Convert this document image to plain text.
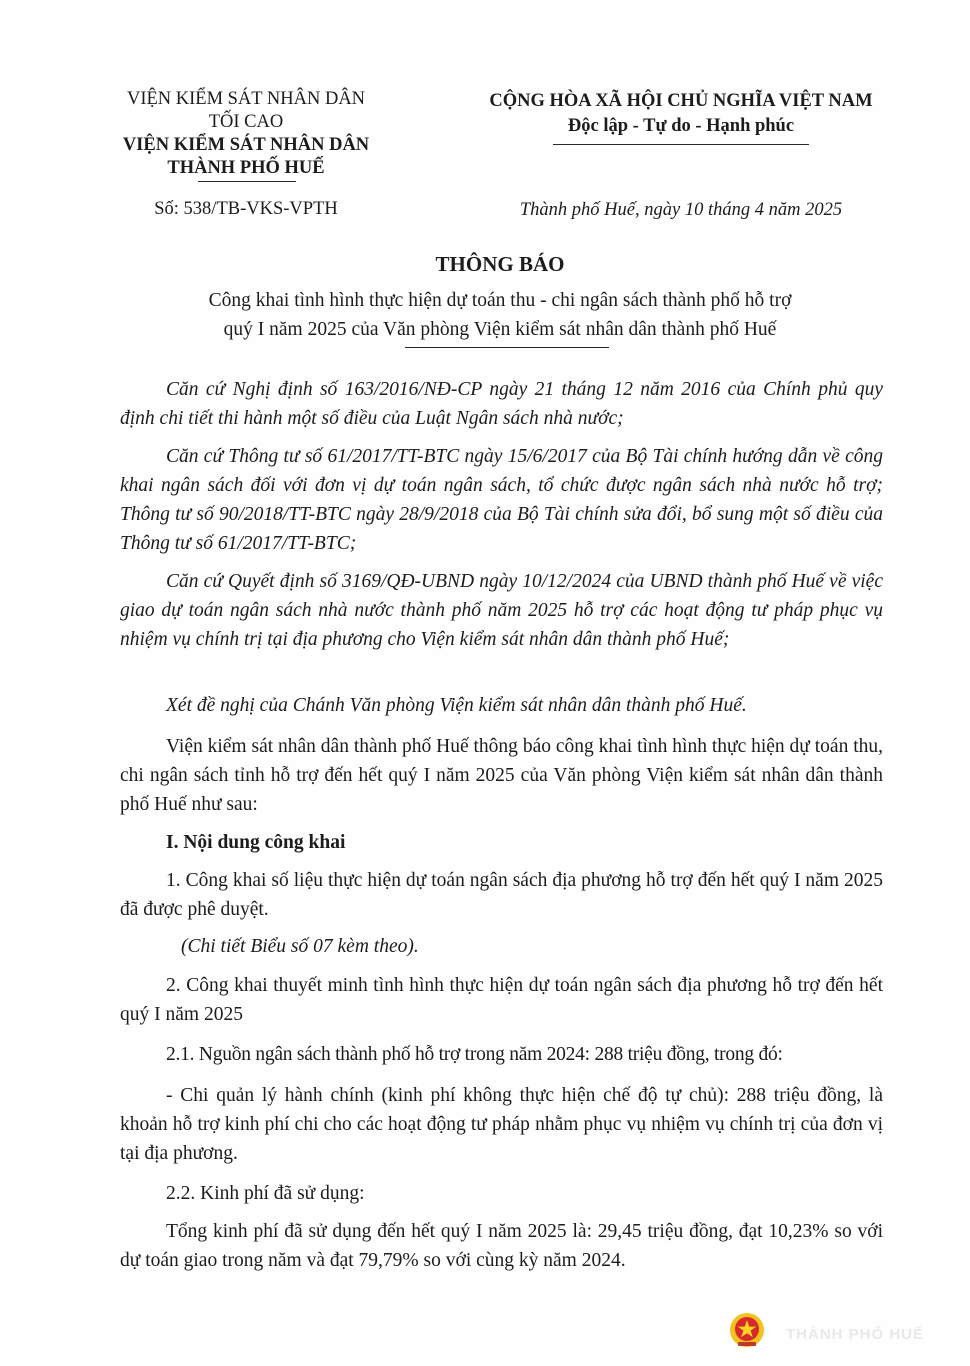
VIỆN KIỂM SÁT NHÂN DÂN
TỐI CAO
VIỆN KIỂM SÁT NHÂN DÂN
THÀNH PHỐ HUẾ
Số: 538/TB-VKS-VPTH
CỘNG HÒA XÃ HỘI CHỦ NGHĨA VIỆT NAM
Độc lập - Tự do - Hạnh phúc
Thành phố Huế, ngày 10 tháng 4 năm 2025
THÔNG BÁO
Công khai tình hình thực hiện dự toán thu - chi ngân sách thành phố hỗ trợ
quý I năm 2025 của Văn phòng Viện kiểm sát nhân dân thành phố Huế
Căn cứ Nghị định số 163/2016/NĐ-CP ngày 21 tháng 12 năm 2016 của Chính phủ quy định chi tiết thi hành một số điều của Luật Ngân sách nhà nước;
Căn cứ Thông tư số 61/2017/TT-BTC ngày 15/6/2017 của Bộ Tài chính hướng dẫn về công khai ngân sách đối với đơn vị dự toán ngân sách, tổ chức được ngân sách nhà nước hỗ trợ; Thông tư số 90/2018/TT-BTC ngày 28/9/2018 của Bộ Tài chính sửa đổi, bổ sung một số điều của Thông tư số 61/2017/TT-BTC;
Căn cứ Quyết định số 3169/QĐ-UBND ngày 10/12/2024 của UBND thành phố Huế về việc giao dự toán ngân sách nhà nước thành phố năm 2025 hỗ trợ các hoạt động tư pháp phục vụ nhiệm vụ chính trị tại địa phương cho Viện kiểm sát nhân dân thành phố Huế;
Xét đề nghị của Chánh Văn phòng Viện kiểm sát nhân dân thành phố Huế.
Viện kiểm sát nhân dân thành phố Huế thông báo công khai tình hình thực hiện dự toán thu, chi ngân sách tỉnh hỗ trợ đến hết quý I năm 2025 của Văn phòng Viện kiểm sát nhân dân thành phố Huế như sau:
I. Nội dung công khai
1. Công khai số liệu thực hiện dự toán ngân sách địa phương hỗ trợ đến hết quý I năm 2025 đã được phê duyệt.
(Chi tiết Biểu số 07 kèm theo).
2. Công khai thuyết minh tình hình thực hiện dự toán ngân sách địa phương hỗ trợ đến hết quý I năm 2025
2.1. Nguồn ngân sách thành phố hỗ trợ trong năm 2024: 288 triệu đồng, trong đó:
- Chi quản lý hành chính (kinh phí không thực hiện chế độ tự chủ): 288 triệu đồng, là khoản hỗ trợ kinh phí chi cho các hoạt động tư pháp nhằm phục vụ nhiệm vụ chính trị của đơn vị tại địa phương.
2.2. Kinh phí đã sử dụng:
Tổng kinh phí đã sử dụng đến hết quý I năm 2025 là: 29,45 triệu đồng, đạt 10,23% so với dự toán giao trong năm và đạt 79,79% so với cùng kỳ năm 2024.
THÀNH PHỐ HUẾ
